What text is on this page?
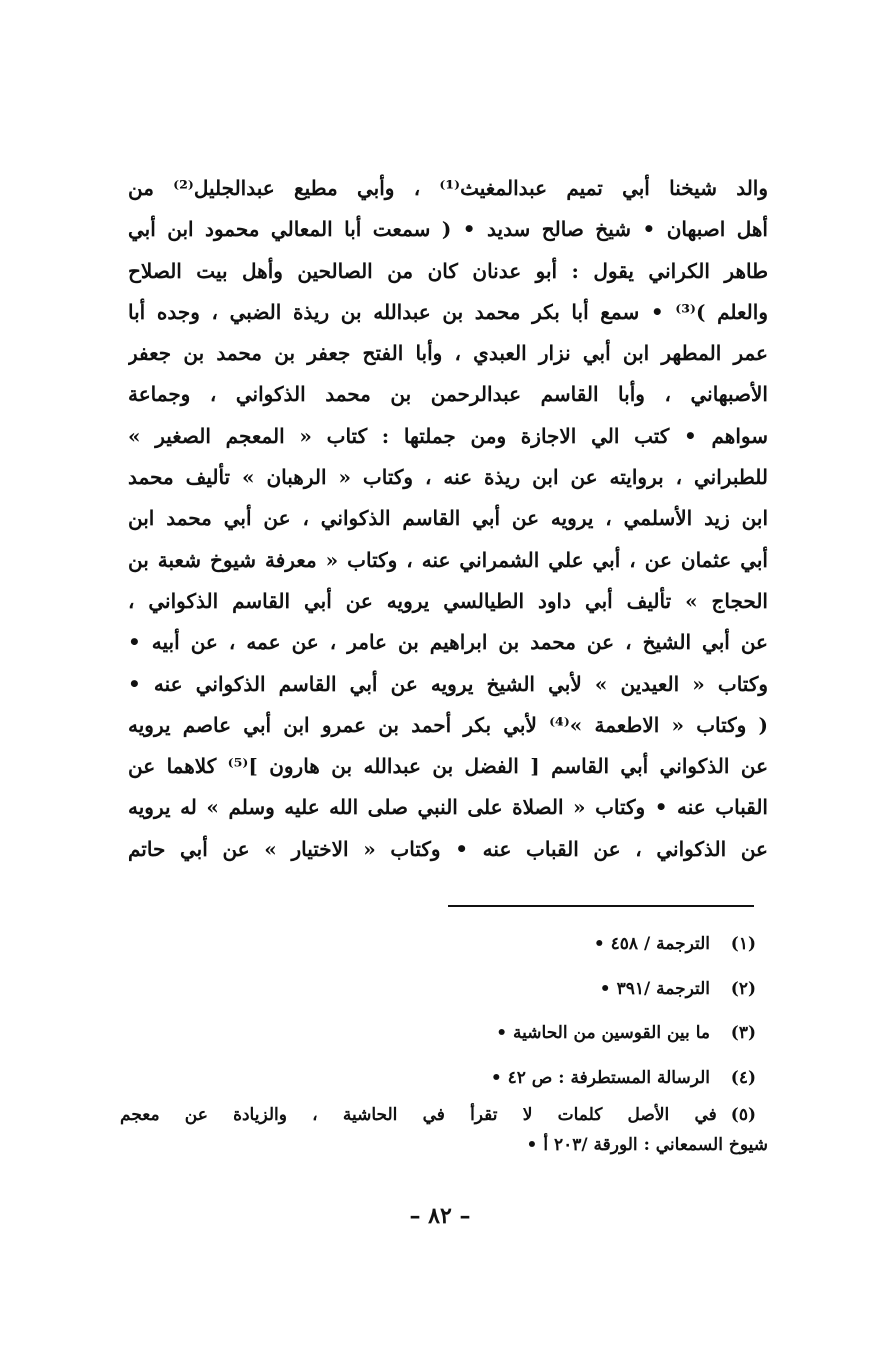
والد شيخنا أبي تميم عبدالمغيث⁽¹⁾ ، وأبي مطيع عبدالجليل⁽²⁾ من
أهل اصبهان • شيخ صالح سديد • ( سمعت أبا المعالي محمود ابن أبي
طاهر الكراني يقول : أبو عدنان كان من الصالحين وأهل بيت الصلاح
والعلم )⁽³⁾ • سمع أبا بكر محمد بن عبدالله بن ريذة الضبي ، وجده أبا
عمر المطهر ابن أبي نزار العبدي ، وأبا الفتح جعفر بن محمد بن جعفر
الأصبهاني ، وأبا القاسم عبدالرحمن بن محمد الذكواني ، وجماعة
سواهم • كتب الي الاجازة ومن جملتها : كتاب « المعجم الصغير »
للطبراني ، بروايته عن ابن ريذة عنه ، وكتاب « الرهبان » تأليف محمد
ابن زيد الأسلمي ، يرويه عن أبي القاسم الذكواني ، عن أبي محمد ابن
أبي عثمان عن ، أبي علي الشمراني عنه ، وكتاب « معرفة شيوخ شعبة بن
الحجاج » تأليف أبي داود الطيالسي يرويه عن أبي القاسم الذكواني ،
عن أبي الشيخ ، عن محمد بن ابراهيم بن عامر ، عن عمه ، عن أبيه •
وكتاب « العيدين » لأبي الشيخ يرويه عن أبي القاسم الذكواني عنه •
( وكتاب « الاطعمة »⁽⁴⁾ لأبي بكر أحمد بن عمرو ابن أبي عاصم يرويه
عن الذكواني أبي القاسم [ الفضل بن عبدالله بن هارون ]⁽⁵⁾ كلاهما عن
القباب عنه • وكتاب « الصلاة على النبي صلى الله عليه وسلم » له يرويه
عن الذكواني ، عن القباب عنه • وكتاب « الاختيار » عن أبي حاتم
(١)الترجمة / ٤٥٨ •
(٢)الترجمة /٣٩١ •
(٣)ما بين القوسين من الحاشية •
(٤)الرسالة المستطرفة : ص ٤٢ •
(٥)في الأصل كلمات لا تقرأ في الحاشية ، والزيادة عن معجم
شيوخ السمعاني : الورقة /٢٠٣ أ •
– ٨٢ –
